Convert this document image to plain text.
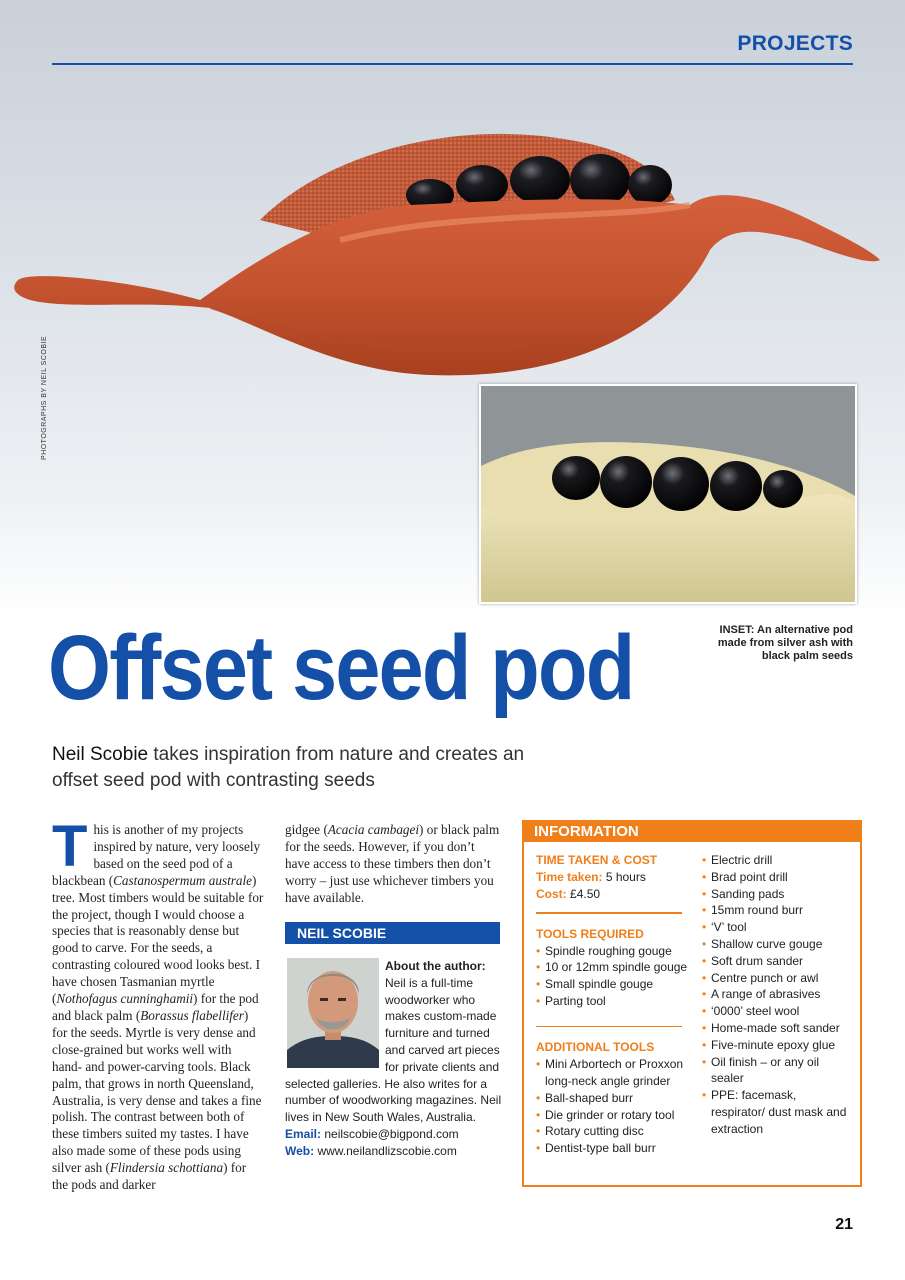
PROJECTS
PHOTOGRAPHS BY NEIL SCOBIE
INSET: An alternative pod made from silver ash with black palm seeds
Offset seed pod
Neil Scobie takes inspiration from nature and creates an offset seed pod with contrasting seeds
This is another of my projects inspired by nature, very loosely based on the seed pod of a blackbean (Castanospermum australe) tree. Most timbers would be suitable for the project, though I would choose a species that is reasonably dense but good to carve. For the seeds, a contrasting coloured wood looks best. I have chosen Tasmanian myrtle (Nothofagus cunninghamii) for the pod and black palm (Borassus flabellifer) for the seeds. Myrtle is very dense and close-grained but works well with hand- and power-carving tools. Black palm, that grows in north Queensland, Australia, is very dense and takes a fine polish. The contrast between both of these timbers suited my tastes. I have also made some of these pods using silver ash (Flindersia schottiana) for the pods and darker
gidgee (Acacia cambagei) or black palm for the seeds. However, if you don’t have access to these timbers then don’t worry – just use whichever timbers you have available.
NEIL SCOBIE
About the author: Neil is a full-time woodworker who makes custom-made furniture and turned and carved art pieces for private clients and selected galleries. He also writes for a number of woodworking magazines. Neil lives in New South Wales, Australia.
Email: neilscobie@bigpond.com
Web: www.neilandlizscobie.com
INFORMATION
TIME TAKEN & COST
Time taken: 5 hours
Cost: £4.50
TOOLS REQUIRED
• Spindle roughing gouge
• 10 or 12mm spindle gouge
• Small spindle gouge
• Parting tool
ADDITIONAL TOOLS
• Mini Arbortech or Proxxon long-neck angle grinder
• Ball-shaped burr
• Die grinder or rotary tool
• Rotary cutting disc
• Dentist-type ball burr
• Electric drill
• Brad point drill
• Sanding pads
• 15mm round burr
• ‘V’ tool
• Shallow curve gouge
• Soft drum sander
• Centre punch or awl
• A range of abrasives
• ‘0000’ steel wool
• Home-made soft sander
• Five-minute epoxy glue
• Oil finish – or any oil sealer
• PPE: facemask, respirator/ dust mask and extraction
21
